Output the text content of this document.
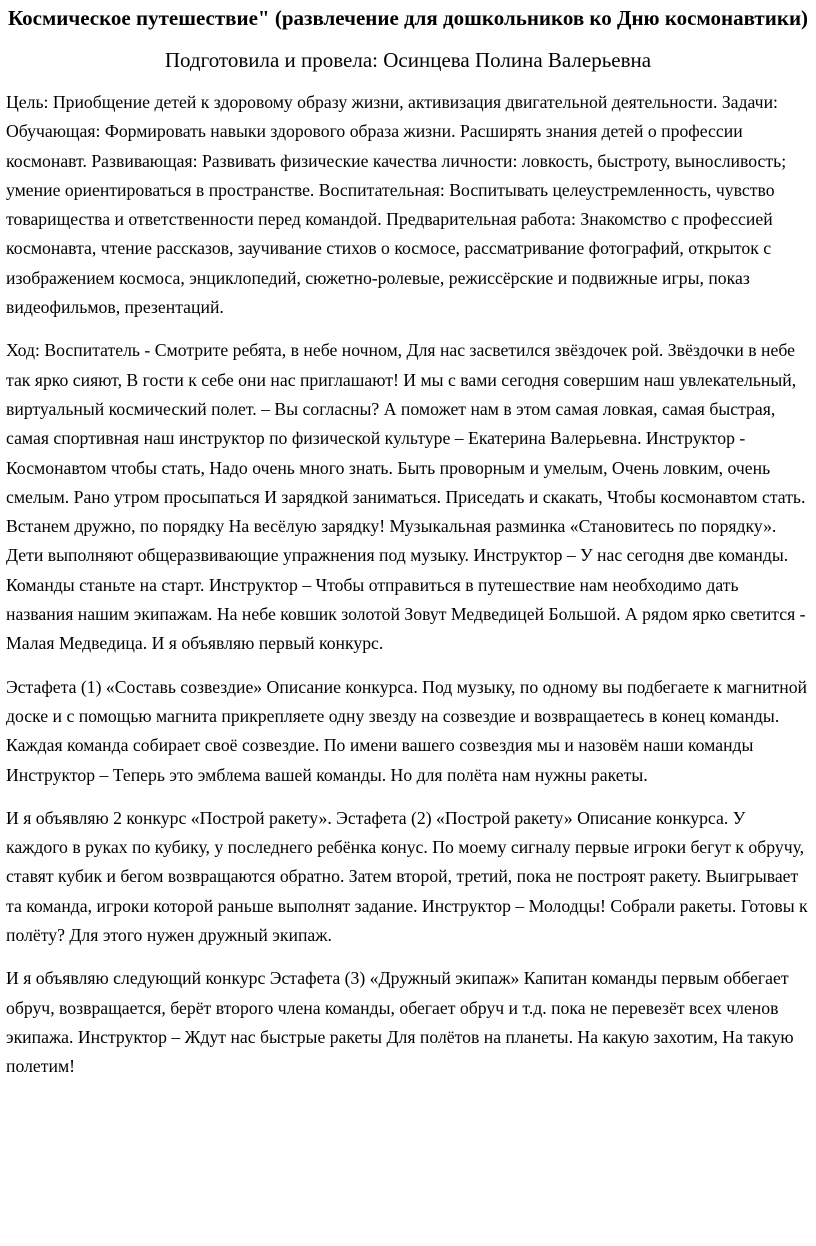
Космическое путешествие" (развлечение для дошкольников ко Дню космонавтики)

Подготовила и провела: Осинцева Полина Валерьевна

Цель: Приобщение детей к здоровому образу жизни, активизация двигательной деятельности. Задачи: Обучающая: Формировать навыки здорового образа жизни. Расширять знания детей о профессии космонавт. Развивающая: Развивать физические качества личности: ловкость, быстроту, выносливость; умение ориентироваться в пространстве. Воспитательная: Воспитывать целеустремленность, чувство товарищества и ответственности перед командой. Предварительная работа: Знакомство с профессией космонавта, чтение рассказов, заучивание стихов о космосе, рассматривание фотографий, открыток с изображением космоса, энциклопедий, сюжетно-ролевые, режиссёрские и подвижные игры, показ видеофильмов, презентаций.

Ход: Воспитатель - Смотрите ребята, в небе ночном, Для нас засветился звёздочек рой. Звёздочки в небе так ярко сияют, В гости к себе они нас приглашают! И мы с вами сегодня совершим наш увлекательный, виртуальный космический полет. – Вы согласны? А поможет нам в этом самая ловкая, самая быстрая, самая спортивная наш инструктор по физической культуре – Екатерина Валерьевна. Инструктор - Космонавтом чтобы стать, Надо очень много знать. Быть проворным и умелым, Очень ловким, очень смелым. Рано утром просыпаться И зарядкой заниматься. Приседать и скакать, Чтобы космонавтом стать. Встанем дружно, по порядку На весёлую зарядку! Музыкальная разминка «Становитесь по порядку». Дети выполняют общеразвивающие упражнения под музыку. Инструктор – У нас сегодня две команды. Команды станьте на старт. Инструктор – Чтобы отправиться в путешествие нам необходимо дать названия нашим экипажам. На небе ковшик золотой Зовут Медведицей Большой. А рядом ярко светится - Малая Медведица. И я объявляю первый конкурс.

Эстафета (1) «Составь созвездие» Описание конкурса. Под музыку, по одному вы подбегаете к магнитной доске и с помощью магнита прикрепляете одну звезду на созвездие и возвращаетесь в конец команды. Каждая команда собирает своё созвездие. По имени вашего созвездия мы и назовём наши команды Инструктор – Теперь это эмблема вашей команды. Но для полёта нам нужны ракеты.

И я объявляю 2 конкурс «Построй ракету». Эстафета (2) «Построй ракету» Описание конкурса. У каждого в руках по кубику, у последнего ребёнка конус. По моему сигналу первые игроки бегут к обручу, ставят кубик и бегом возвращаются обратно. Затем второй, третий, пока не построят ракету. Выигрывает та команда, игроки которой раньше выполнят задание. Инструктор – Молодцы! Собрали ракеты. Готовы к полёту? Для этого нужен дружный экипаж.

И я объявляю следующий конкурс Эстафета (3) «Дружный экипаж» Капитан команды первым оббегает обруч, возвращается, берёт второго члена команды, обегает обруч и т.д. пока не перевезёт всех членов экипажа. Инструктор – Ждут нас быстрые ракеты Для полётов на планеты. На какую захотим, На такую полетим!
